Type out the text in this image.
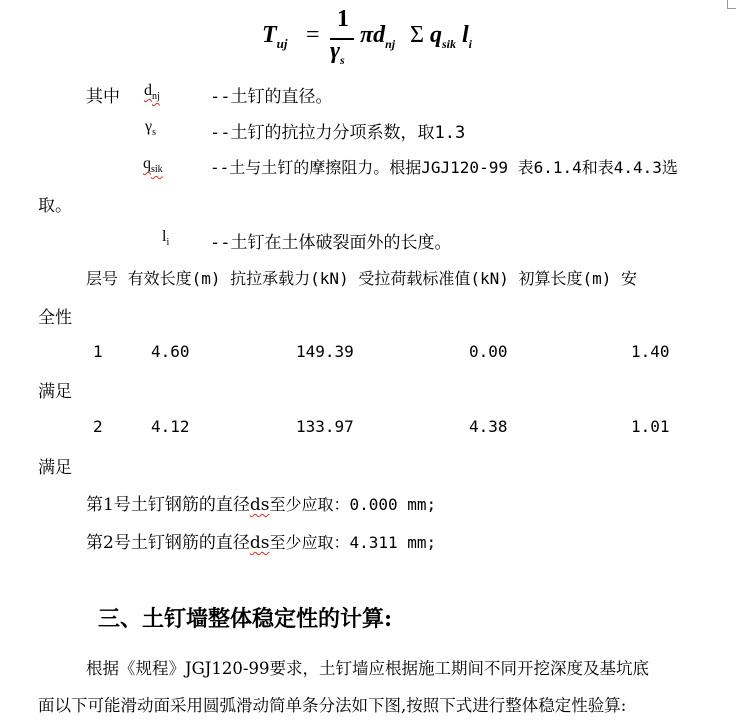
$T_{uj}$ =
1
$\gamma_s$
$\pi d_{nj}$ Σ $q_{sik}$ $l_i$
其中 $d_{nj}$	--土钉的直径。
$\gamma_s$	--土钉的抗拉力分项系数，取1.3
$q_{sik}$	--土与土钉的摩擦阻力。根据JGJ120-99 表6.1.4和表4.4.3选
取。
$l_i$ --土钉在土体破裂面外的长度。
层号 有效长度(m) 抗拉承载力(kN) 受拉荷载标准值(kN) 初算长度(m) 安
全性
1	4.60	149.39	0.00	1.40
满足
2	4.12	133.97	4.38	1.01
满足
第1号土钉钢筋的直径ds至少应取：0.000 mm;
第2号土钉钢筋的直径ds至少应取：4.311 mm;
三、土钉墙整体稳定性的计算:
根据《规程》JGJ120-99要求，土钉墙应根据施工期间不同开挖深度及基坑底
面以下可能滑动面采用圆弧滑动简单条分法如下图,按照下式进行整体稳定性验算:
